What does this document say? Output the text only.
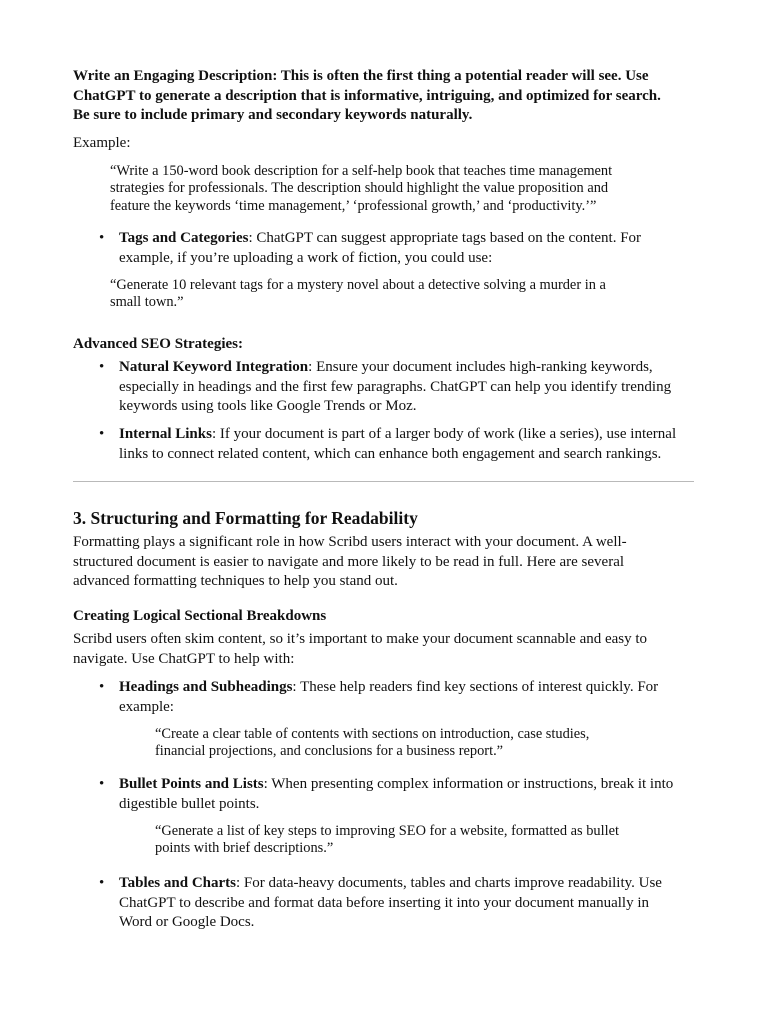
Write an Engaging Description: This is often the first thing a potential reader will see. Use
ChatGPT to generate a description that is informative, intriguing, and optimized for search.
Be sure to include primary and secondary keywords naturally.
Example:
“Write a 150-word book description for a self-help book that teaches time management
strategies for professionals. The description should highlight the value proposition and
feature the keywords ‘time management,’ ‘professional growth,’ and ‘productivity.’”
• Tags and Categories: ChatGPT can suggest appropriate tags based on the content. For
example, if you’re uploading a work of fiction, you could use:
“Generate 10 relevant tags for a mystery novel about a detective solving a murder in a
small town.”
Advanced SEO Strategies:
• Natural Keyword Integration: Ensure your document includes high-ranking keywords,
especially in headings and the first few paragraphs. ChatGPT can help you identify trending
keywords using tools like Google Trends or Moz.
• Internal Links: If your document is part of a larger body of work (like a series), use internal
links to connect related content, which can enhance both engagement and search rankings.
3. Structuring and Formatting for Readability
Formatting plays a significant role in how Scribd users interact with your document. A well-
structured document is easier to navigate and more likely to be read in full. Here are several
advanced formatting techniques to help you stand out.
Creating Logical Sectional Breakdowns
Scribd users often skim content, so it’s important to make your document scannable and easy to
navigate. Use ChatGPT to help with:
• Headings and Subheadings: These help readers find key sections of interest quickly. For
example:
“Create a clear table of contents with sections on introduction, case studies,
financial projections, and conclusions for a business report.”
• Bullet Points and Lists: When presenting complex information or instructions, break it into
digestible bullet points.
“Generate a list of key steps to improving SEO for a website, formatted as bullet
points with brief descriptions.”
• Tables and Charts: For data-heavy documents, tables and charts improve readability. Use
ChatGPT to describe and format data before inserting it into your document manually in
Word or Google Docs.
